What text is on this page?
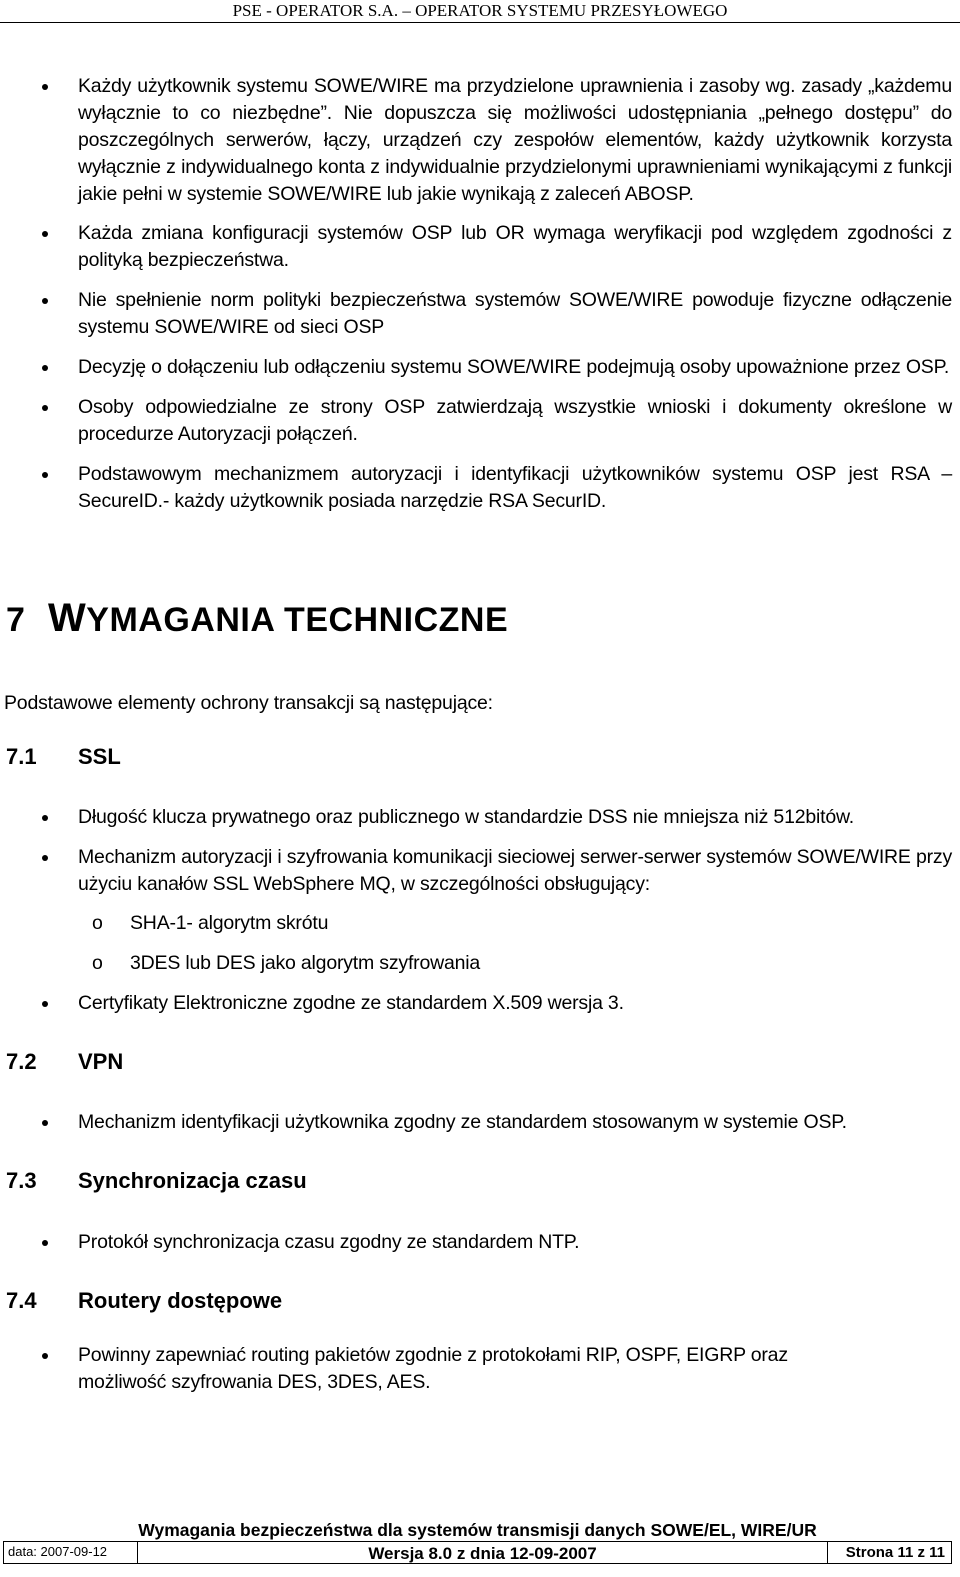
PSE - OPERATOR S.A. – OPERATOR SYSTEMU PRZESYŁOWEGO
Każdy użytkownik systemu SOWE/WIRE ma przydzielone uprawnienia i zasoby wg. zasady „każdemu wyłącznie to co niezbędne”. Nie dopuszcza się możliwości udostępniania „pełnego dostępu” do poszczególnych serwerów, łączy, urządzeń czy zespołów elementów, każdy użytkownik korzysta wyłącznie z indywidualnego konta z indywidualnie przydzielonymi uprawnieniami wynikającymi z funkcji jakie pełni w systemie SOWE/WIRE lub jakie wynikają z zaleceń ABOSP.
Każda zmiana konfiguracji systemów OSP lub OR wymaga weryfikacji pod względem zgodności z polityką bezpieczeństwa.
Nie spełnienie norm polityki bezpieczeństwa systemów SOWE/WIRE powoduje fizyczne odłączenie systemu SOWE/WIRE od sieci OSP
Decyzję o dołączeniu lub odłączeniu systemu SOWE/WIRE podejmują osoby upoważnione przez OSP.
Osoby odpowiedzialne ze strony OSP zatwierdzają wszystkie wnioski i dokumenty określone w procedurze Autoryzacji połączeń.
Podstawowym mechanizmem autoryzacji i identyfikacji użytkowników systemu OSP jest RSA – SecureID.- każdy użytkownik posiada narzędzie RSA SecurID.
7 WYMAGANIA TECHNICZNE
Podstawowe elementy ochrony transakcji są następujące:
7.1 SSL
Długość klucza prywatnego oraz publicznego w standardzie DSS nie mniejsza niż 512bitów.
Mechanizm autoryzacji i szyfrowania komunikacji sieciowej serwer-serwer systemów SOWE/WIRE przy użyciu kanałów SSL WebSphere MQ, w szczególności obsługujący:
o SHA-1- algorytm skrótu
o 3DES lub DES jako algorytm szyfrowania
Certyfikaty Elektroniczne zgodne ze standardem X.509 wersja 3.
7.2 VPN
Mechanizm identyfikacji użytkownika zgodny ze standardem stosowanym w systemie OSP.
7.3 Synchronizacja czasu
Protokół synchronizacja czasu zgodny ze standardem NTP.
7.4 Routery dostępowe
Powinny zapewniać routing pakietów zgodnie z protokołami RIP, OSPF, EIGRP oraz możliwość szyfrowania DES, 3DES, AES.
Wymagania bezpieczeństwa dla systemów transmisji danych SOWE/EL, WIRE/UR
data: 2007-09-12	Wersja 8.0 z dnia 12-09-2007	Strona 11 z 11
